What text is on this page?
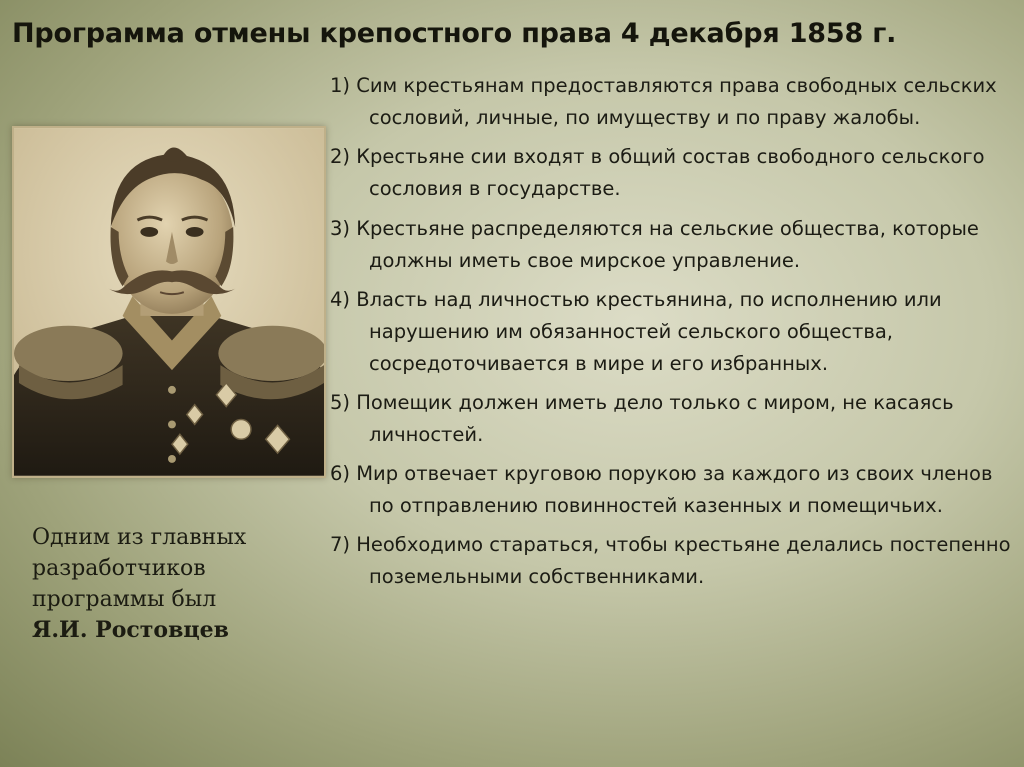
Программа отмены крепостного права 4 декабря 1858 г.
Одним из главных разработчиков программы был
Я.И. Ростовцев
1) Сим крестьянам предоставляются права свободных сельских сословий, личные, по имуществу и по праву жалобы.
2) Крестьяне сии входят в общий состав свободного сельского сословия в государстве.
3) Крестьяне распределяются на сельские общества, которые должны иметь свое мирское управление.
4) Власть над личностью крестьянина, по исполнению или нарушению им обязанностей сельского общества, сосредоточивается в мире и его избранных.
5) Помещик должен иметь дело только с миром, не касаясь личностей.
6) Мир отвечает круговою порукою за каждого из своих членов по отправлению повинностей казенных и помещичьих.
7) Необходимо стараться, чтобы крестьяне делались постепенно поземельными собственниками.
